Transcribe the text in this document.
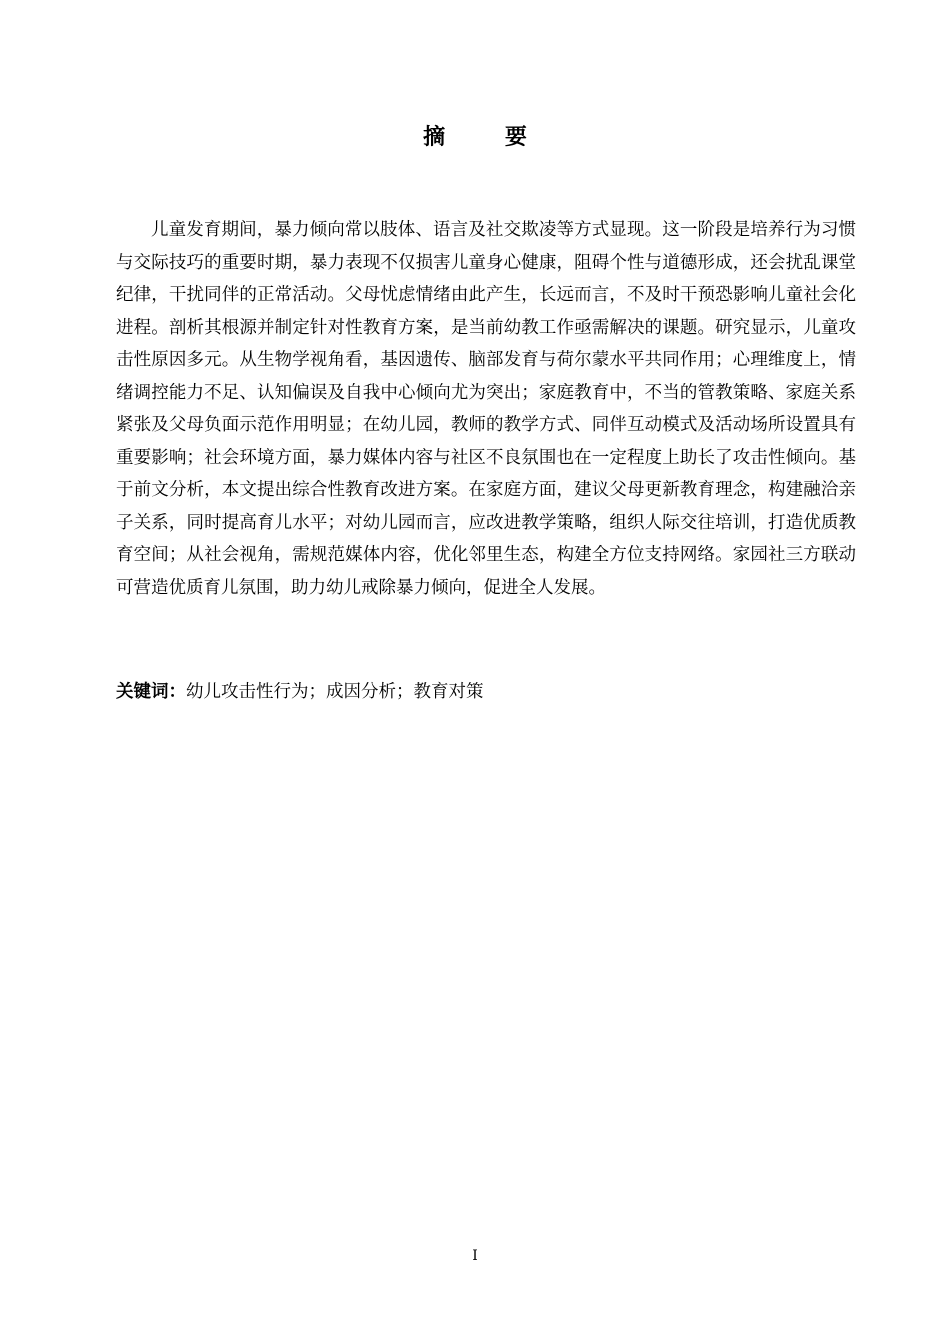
摘 要

儿童发育期间，暴力倾向常以肢体、语言及社交欺凌等方式显现。这一阶段是培养行为习惯与交际技巧的重要时期，暴力表现不仅损害儿童身心健康，阻碍个性与道德形成，还会扰乱课堂纪律，干扰同伴的正常活动。父母忧虑情绪由此产生，长远而言，不及时干预恐影响儿童社会化进程。剖析其根源并制定针对性教育方案，是当前幼教工作亟需解决的课题。研究显示，儿童攻击性原因多元。从生物学视角看，基因遗传、脑部发育与荷尔蒙水平共同作用；心理维度上，情绪调控能力不足、认知偏误及自我中心倾向尤为突出；家庭教育中，不当的管教策略、家庭关系紧张及父母负面示范作用明显；在幼儿园，教师的教学方式、同伴互动模式及活动场所设置具有重要影响；社会环境方面，暴力媒体内容与社区不良氛围也在一定程度上助长了攻击性倾向。基于前文分析，本文提出综合性教育改进方案。在家庭方面，建议父母更新教育理念，构建融洽亲子关系，同时提高育儿水平；对幼儿园而言，应改进教学策略，组织人际交往培训，打造优质教育空间；从社会视角，需规范媒体内容，优化邻里生态，构建全方位支持网络。家园社三方联动可营造优质育儿氛围，助力幼儿戒除暴力倾向，促进全人发展。

关键词：幼儿攻击性行为；成因分析；教育对策

I
